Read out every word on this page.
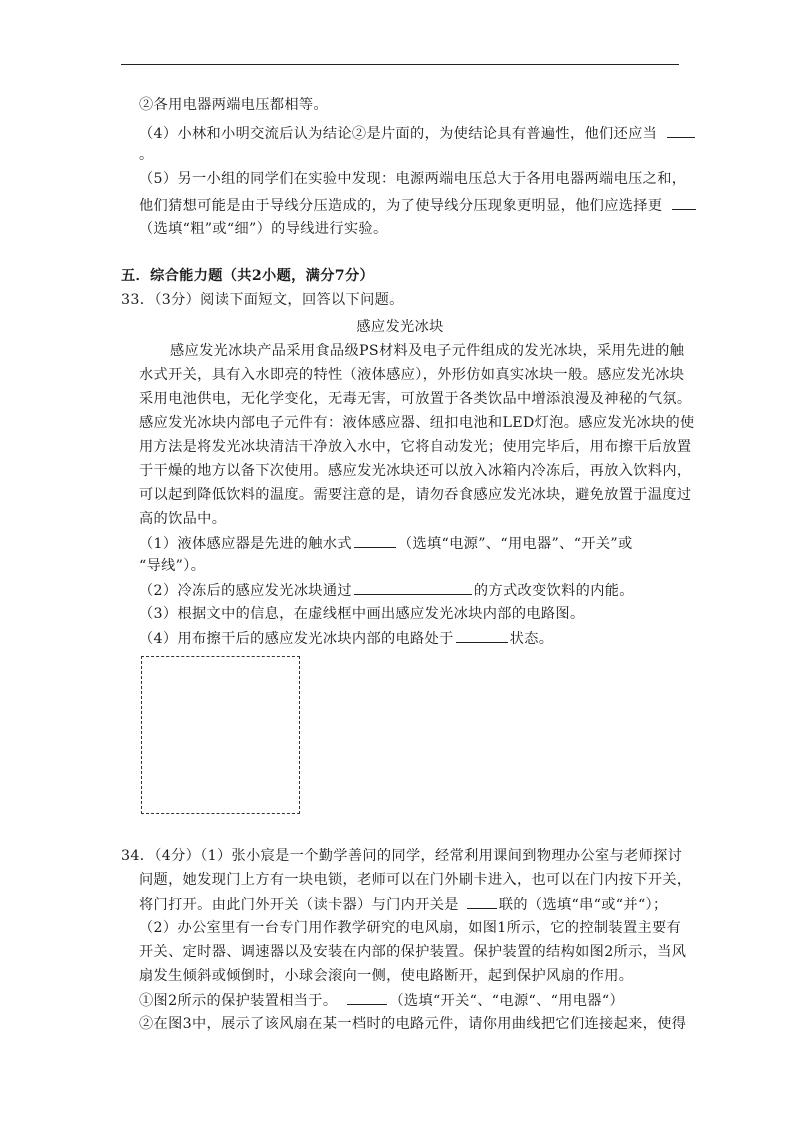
②各用电器两端电压都相等。
（4）小林和小明交流后认为结论②是片面的，为使结论具有普遍性，他们还应当
。
（5）另一小组的同学们在实验中发现：电源两端电压总大于各用电器两端电压之和，
他们猜想可能是由于导线分压造成的，为了使导线分压现象更明显，他们应选择更
（选填“粗”或“细”）的导线进行实验。
五．综合能力题（共2小题，满分7分）
33．（3分）阅读下面短文，回答以下问题。
感应发光冰块
感应发光冰块产品采用食品级PS材料及电子元件组成的发光冰块，采用先进的触
水式开关，具有入水即亮的特性（液体感应），外形仿如真实冰块一般。感应发光冰块
采用电池供电，无化学变化，无毒无害，可放置于各类饮品中增添浪漫及神秘的气氛。
感应发光冰块内部电子元件有：液体感应器、纽扣电池和LED灯泡。感应发光冰块的使
用方法是将发光冰块清洁干净放入水中，它将自动发光；使用完毕后，用布擦干后放置
于干燥的地方以备下次使用。感应发光冰块还可以放入冰箱内冷冻后，再放入饮料内，
可以起到降低饮料的温度。需要注意的是，请勿吞食感应发光冰块，避免放置于温度过
高的饮品中。
（1）液体感应器是先进的触水式	（选填“电源”、“用电器”、“开关”或
“导线”）。
（2）冷冻后的感应发光冰块通过	的方式改变饮料的内能。
（3）根据文中的信息，在虚线框中画出感应发光冰块内部的电路图。
（4）用布擦干后的感应发光冰块内部的电路处于	状态。
34．（4分）（1）张小宸是一个勤学善问的同学，经常利用课间到物理办公室与老师探讨
问题，她发现门上方有一块电锁，老师可以在门外刷卡进入，也可以在门内按下开关，
将门打开。由此门外开关（读卡器）与门内开关是	联的（选填“串“或“并“）；
（2）办公室里有一台专门用作教学研究的电风扇，如图1所示，它的控制装置主要有
开关、定时器、调速器以及安装在内部的保护装置。保护装置的结构如图2所示，当风
扇发生倾斜或倾倒时，小球会滚向一侧，使电路断开，起到保护风扇的作用。
①图2所示的保护装置相当于。	（选填“开关“、“电源“、“用电器“）
②在图3中，展示了该风扇在某一档时的电路元件，请你用曲线把它们连接起来，使得
